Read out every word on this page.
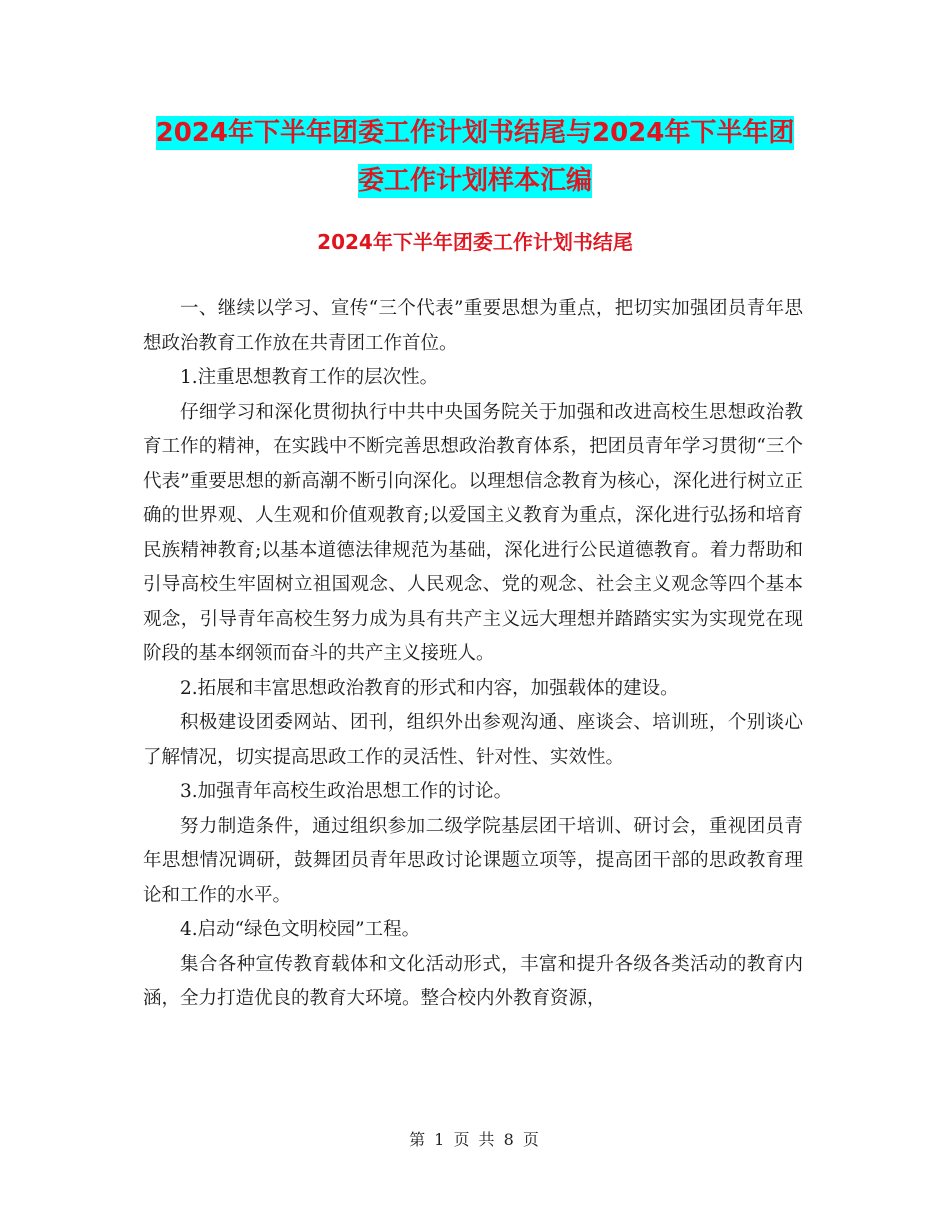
2024年下半年团委工作计划书结尾与2024年下半年团
委工作计划样本汇编
2024年下半年团委工作计划书结尾

一、继续以学习、宣传“三个代表”重要思想为重点，把切实加强团员青年思想政治教育工作放在共青团工作首位。

1.注重思想教育工作的层次性。

仔细学习和深化贯彻执行中共中央国务院关于加强和改进高校生思想政治教育工作的精神，在实践中不断完善思想政治教育体系，把团员青年学习贯彻“三个代表”重要思想的新高潮不断引向深化。以理想信念教育为核心，深化进行树立正确的世界观、人生观和价值观教育;以爱国主义教育为重点，深化进行弘扬和培育民族精神教育;以基本道德法律规范为基础，深化进行公民道德教育。着力帮助和引导高校生牢固树立祖国观念、人民观念、党的观念、社会主义观念等四个基本观念，引导青年高校生努力成为具有共产主义远大理想并踏踏实实为实现党在现阶段的基本纲领而奋斗的共产主义接班人。

2.拓展和丰富思想政治教育的形式和内容，加强载体的建设。

积极建设团委网站、团刊，组织外出参观沟通、座谈会、培训班，个别谈心了解情况，切实提高思政工作的灵活性、针对性、实效性。

3.加强青年高校生政治思想工作的讨论。

努力制造条件，通过组织参加二级学院基层团干培训、研讨会，重视团员青年思想情况调研，鼓舞团员青年思政讨论课题立项等，提高团干部的思政教育理论和工作的水平。

4.启动“绿色文明校园”工程。

集合各种宣传教育载体和文化活动形式，丰富和提升各级各类活动的教育内涵，全力打造优良的教育大环境。整合校内外教育资源，

第 1 页 共 8 页
